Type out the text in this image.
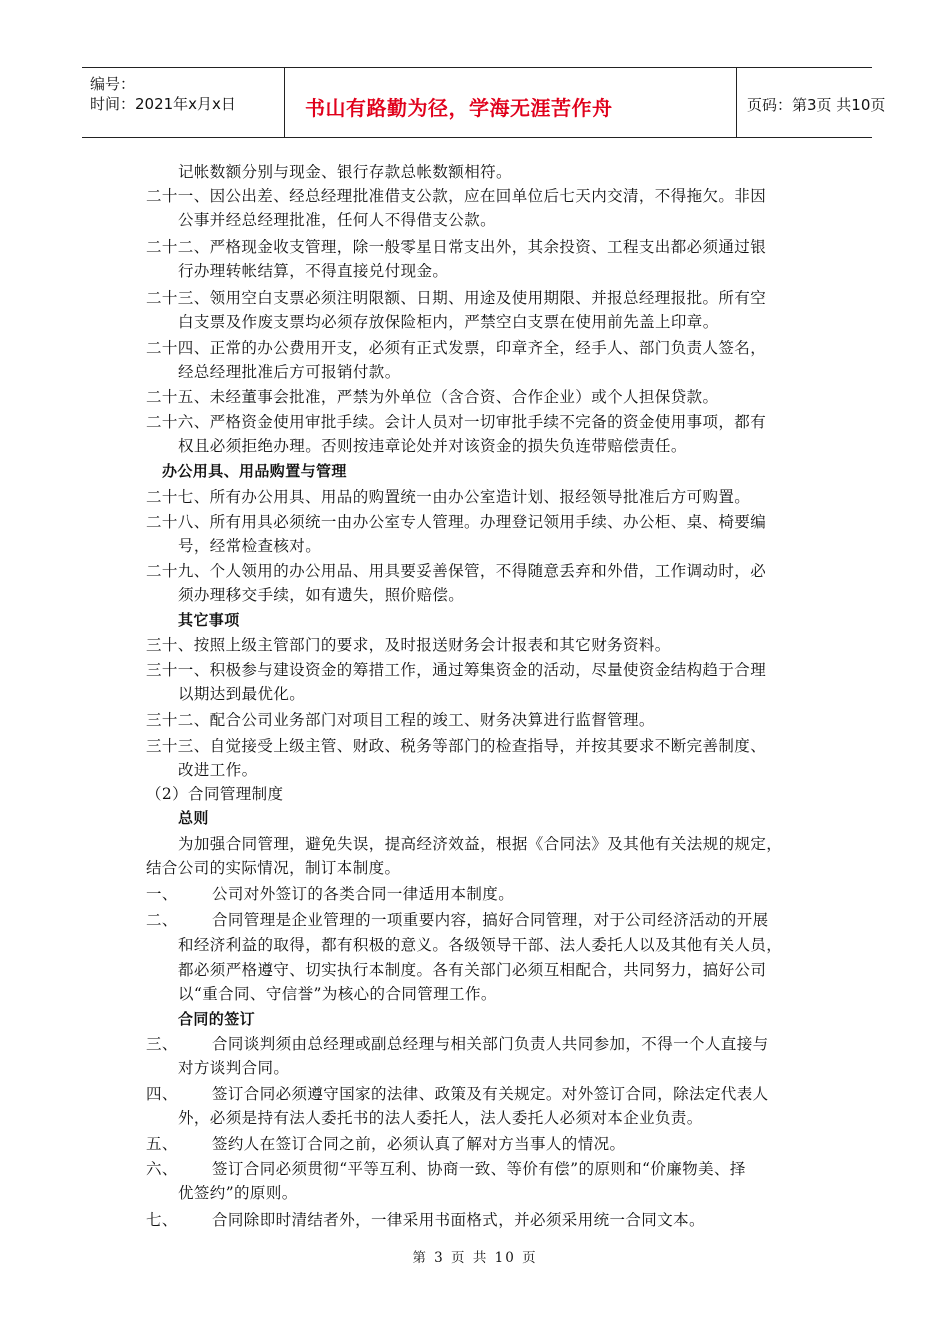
编号：
时间：2021年x月x日	书山有路勤为径，学海无涯苦作舟	页码：第3页 共10页
记帐数额分别与现金、银行存款总帐数额相符。
二十一、因公出差、经总经理批准借支公款，应在回单位后七天内交清，不得拖欠。非因
公事并经总经理批准，任何人不得借支公款。
二十二、严格现金收支管理，除一般零星日常支出外，其余投资、工程支出都必须通过银
行办理转帐结算，不得直接兑付现金。
二十三、领用空白支票必须注明限额、日期、用途及使用期限、并报总经理报批。所有空
白支票及作废支票均必须存放保险柜内，严禁空白支票在使用前先盖上印章。
二十四、正常的办公费用开支，必须有正式发票，印章齐全，经手人、部门负责人签名，
经总经理批准后方可报销付款。
二十五、未经董事会批准，严禁为外单位（含合资、合作企业）或个人担保贷款。
二十六、严格资金使用审批手续。会计人员对一切审批手续不完备的资金使用事项，都有
权且必须拒绝办理。否则按违章论处并对该资金的损失负连带赔偿责任。
办公用具、用品购置与管理
二十七、所有办公用具、用品的购置统一由办公室造计划、报经领导批准后方可购置。
二十八、所有用具必须统一由办公室专人管理。办理登记领用手续、办公柜、桌、椅要编
号，经常检查核对。
二十九、个人领用的办公用品、用具要妥善保管，不得随意丢弃和外借，工作调动时，必
须办理移交手续，如有遗失，照价赔偿。
其它事项
三十、按照上级主管部门的要求，及时报送财务会计报表和其它财务资料。
三十一、积极参与建设资金的筹措工作，通过筹集资金的活动，尽量使资金结构趋于合理
以期达到最优化。
三十二、配合公司业务部门对项目工程的竣工、财务决算进行监督管理。
三十三、自觉接受上级主管、财政、税务等部门的检查指导，并按其要求不断完善制度、
改进工作。
（2）合同管理制度
总则
为加强合同管理，避免失误，提高经济效益，根据《合同法》及其他有关法规的规定，
结合公司的实际情况，制订本制度。
一、 公司对外签订的各类合同一律适用本制度。
二、 合同管理是企业管理的一项重要内容，搞好合同管理，对于公司经济活动的开展
和经济利益的取得，都有积极的意义。各级领导干部、法人委托人以及其他有关人员，
都必须严格遵守、切实执行本制度。各有关部门必须互相配合，共同努力，搞好公司
以“重合同、守信誉”为核心的合同管理工作。
合同的签订
三、 合同谈判须由总经理或副总经理与相关部门负责人共同参加，不得一个人直接与
对方谈判合同。
四、 签订合同必须遵守国家的法律、政策及有关规定。对外签订合同，除法定代表人
外，必须是持有法人委托书的法人委托人，法人委托人必须对本企业负责。
五、 签约人在签订合同之前，必须认真了解对方当事人的情况。
六、 签订合同必须贯彻“平等互利、协商一致、等价有偿”的原则和“价廉物美、择
优签约”的原则。
七、 合同除即时清结者外，一律采用书面格式，并必须采用统一合同文本。
第 3 页 共 10 页
